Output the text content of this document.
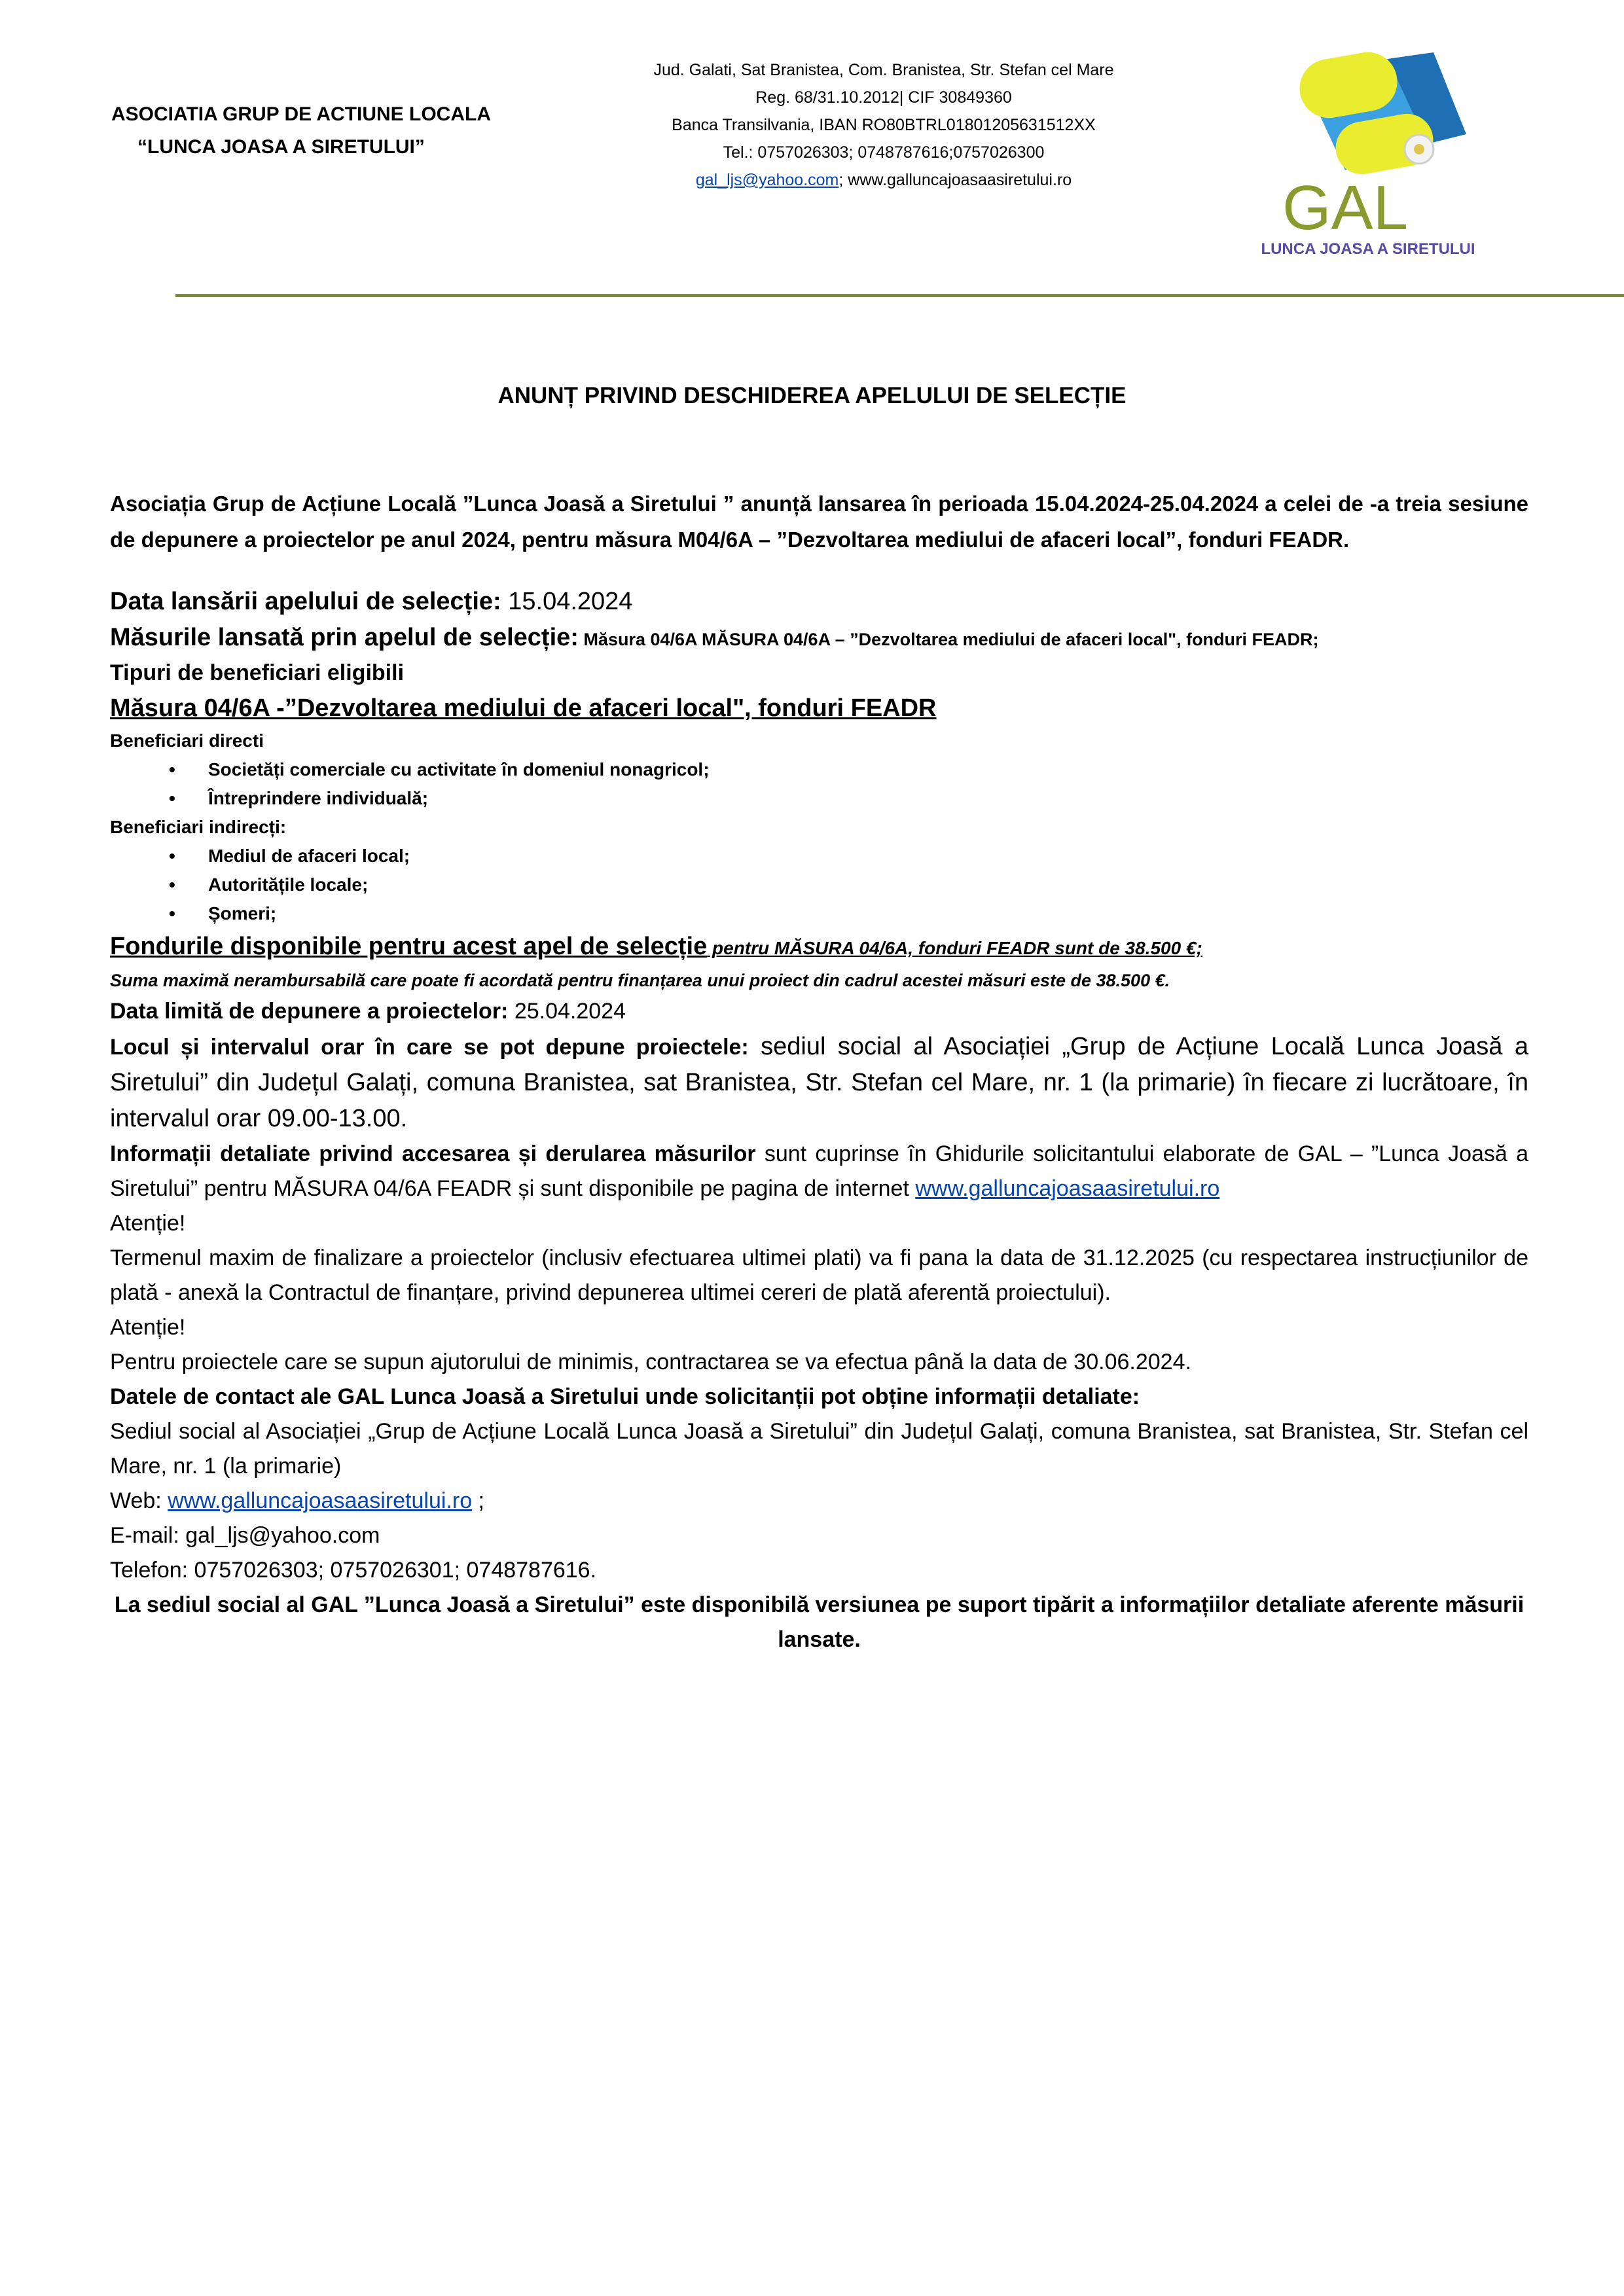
ASOCIATIA GRUP DE ACTIUNE LOCALA
“LUNCA JOASA A SIRETULUI”
Jud. Galati, Sat Branistea, Com. Branistea, Str. Stefan cel Mare
Reg. 68/31.10.2012| CIF 30849360
Banca Transilvania, IBAN RO80BTRL01801205631512XX
Tel.: 0757026303; 0748787616;0757026300
gal_ljs@yahoo.com; www.galluncajoasaasiretului.ro	GAL
LUNCA JOASA A SIRETULUI
ANUNȚ PRIVIND DESCHIDEREA APELULUI DE SELECȚIE

Asociația Grup de Acțiune Locală ”Lunca Joasă a Siretului ” anunță lansarea în perioada 15.04.2024-25.04.2024 a celei de -a treia sesiune de depunere a proiectelor pe anul 2024, pentru măsura M04/6A – ”Dezvoltarea mediului de afaceri local”, fonduri FEADR.

Data lansării apelului de selecție: 15.04.2024

Măsurile lansată prin apelul de selecție: Măsura 04/6A MĂSURA 04/6A – ”Dezvoltarea mediului de afaceri local", fonduri FEADR;

Tipuri de beneficiari eligibili

Măsura 04/6A -”Dezvoltarea mediului de afaceri local", fonduri FEADR

Beneficiari directi

• Societăți comerciale cu activitate în domeniul nonagricol;
• Întreprindere individuală;

Beneficiari indirecți:

• Mediul de afaceri local;
• Autoritățile locale;
• Șomeri;

Fondurile disponibile pentru acest apel de selecție pentru MĂSURA 04/6A, fonduri FEADR sunt de 38.500 €;

Suma maximă nerambursabilă care poate fi acordată pentru finanțarea unui proiect din cadrul acestei măsuri este de 38.500 €.

Data limită de depunere a proiectelor: 25.04.2024

Locul și intervalul orar în care se pot depune proiectele: sediul social al Asociației „Grup de Acțiune Locală Lunca Joasă a Siretului” din Județul Galați, comuna Branistea, sat Branistea, Str. Stefan cel Mare, nr. 1 (la primarie) în fiecare zi lucrătoare, în intervalul orar 09.00-13.00.

Informații detaliate privind accesarea și derularea măsurilor sunt cuprinse în Ghidurile solicitantului elaborate de GAL – ”Lunca Joasă a Siretului” pentru MĂSURA 04/6A FEADR și sunt disponibile pe pagina de internet www.galluncajoasaasiretului.ro

Atenție!

Termenul maxim de finalizare a proiectelor (inclusiv efectuarea ultimei plati) va fi pana la data de 31.12.2025 (cu respectarea instrucțiunilor de plată - anexă la Contractul de finanțare, privind depunerea ultimei cereri de plată aferentă proiectului).

Atenție!

Pentru proiectele care se supun ajutorului de minimis, contractarea se va efectua până la data de 30.06.2024.

Datele de contact ale GAL Lunca Joasă a Siretului unde solicitanții pot obține informații detaliate:

Sediul social al Asociației „Grup de Acțiune Locală Lunca Joasă a Siretului” din Județul Galați, comuna Branistea, sat Branistea, Str. Stefan cel Mare, nr. 1 (la primarie)

Web: www.galluncajoasaasiretului.ro ;

E-mail: gal_ljs@yahoo.com

Telefon: 0757026303; 0757026301; 0748787616.

La sediul social al GAL ”Lunca Joasă a Siretului” este disponibilă versiunea pe suport tipărit a informațiilor detaliate aferente măsurii lansate.
